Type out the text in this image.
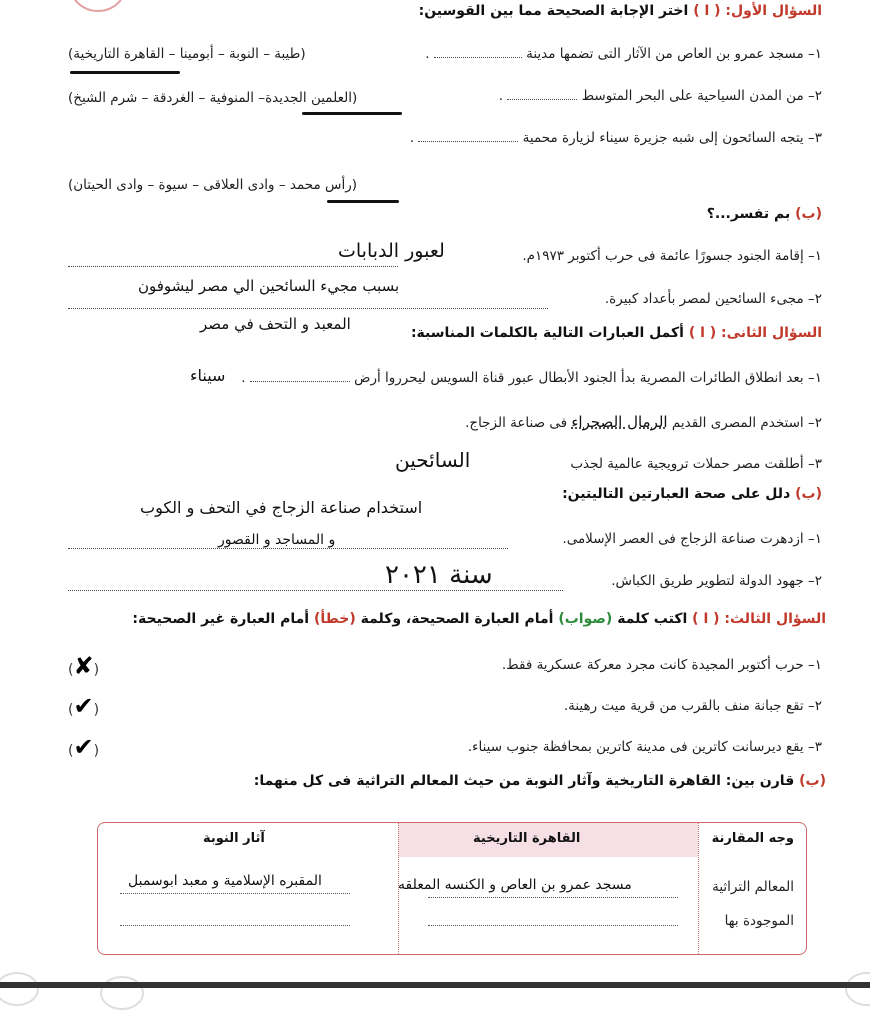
السؤال الأول: ( ا ) اختر الإجابة الصحيحة مما بين القوسين:
١– مسجد عمرو بن العاص من الآثار التى تضمها مدينة  .
(طيبة – النوبة – أبومينا – القاهرة التاريخية)
٢– من المدن السياحية على البحر المتوسط  .
(العلمين الجديدة– المنوفية – الغردقة – شرم الشيخ)
٣– يتجه السائحون إلى شبه جزيرة سيناء لزيارة محمية  .
(رأس محمد – وادى العلاقى – سيوة – وادى الحيتان)
(ب) بم تفسر...؟
١– إقامة الجنود جسورًا عائمة فى حرب أكتوبر ١٩٧٣م.
لعبور الدبابات
بسبب مجيء السائحين الي مصر ليشوفون
٢– مجىء السائحين لمصر بأعداد كبيرة.
المعبد و التحف في مصر	السؤال الثانى: ( ا ) أكمل العبارات التالية بالكلمات المناسبة:
١– بعد انطلاق الطائرات المصرية بدأ الجنود الأبطال عبور قناة السويس ليحرروا أرض  .
سيناء
٢– استخدم المصرى القديم الرمال الصحراء فى صناعة الزجاج.
٣– أطلقت مصر حملات ترويجية عالمية لجذب
السائحين
(ب) دلل على صحة العبارتين التاليتين:
استخدام صناعة الزجاج في التحف و الكوب
١– ازدهرت صناعة الزجاج فى العصر الإسلامى.
و المساجد و القصور
٢– جهود الدولة لتطوير طريق الكباش.
سنة ٢٠٢١
السؤال الثالث: ( ا ) اكتب كلمة (صواب) أمام العبارة الصحيحة، وكلمة (خطأ) أمام العبارة غير الصحيحة:
١– حرب أكتوبر المجيدة كانت مجرد معركة عسكرية فقط.
(✘)
٢– تقع جبانة منف بالقرب من قرية ميت رهينة.
(✔)
٣– يقع ديرسانت كاترين فى مدينة كاترين بمحافظة جنوب سيناء.
(✔)
(ب) قارن بين: القاهرة التاريخية وآثار النوبة من حيث المعالم التراثية فى كل منهما:
وجه المقارنة
القاهرة التاريخية
آثار النوبة
المعالم التراثية
الموجودة بها
مسجد عمرو بن العاص و الكنسه المعلقه
المقبره الإسلامية و معبد ابوسمبل
